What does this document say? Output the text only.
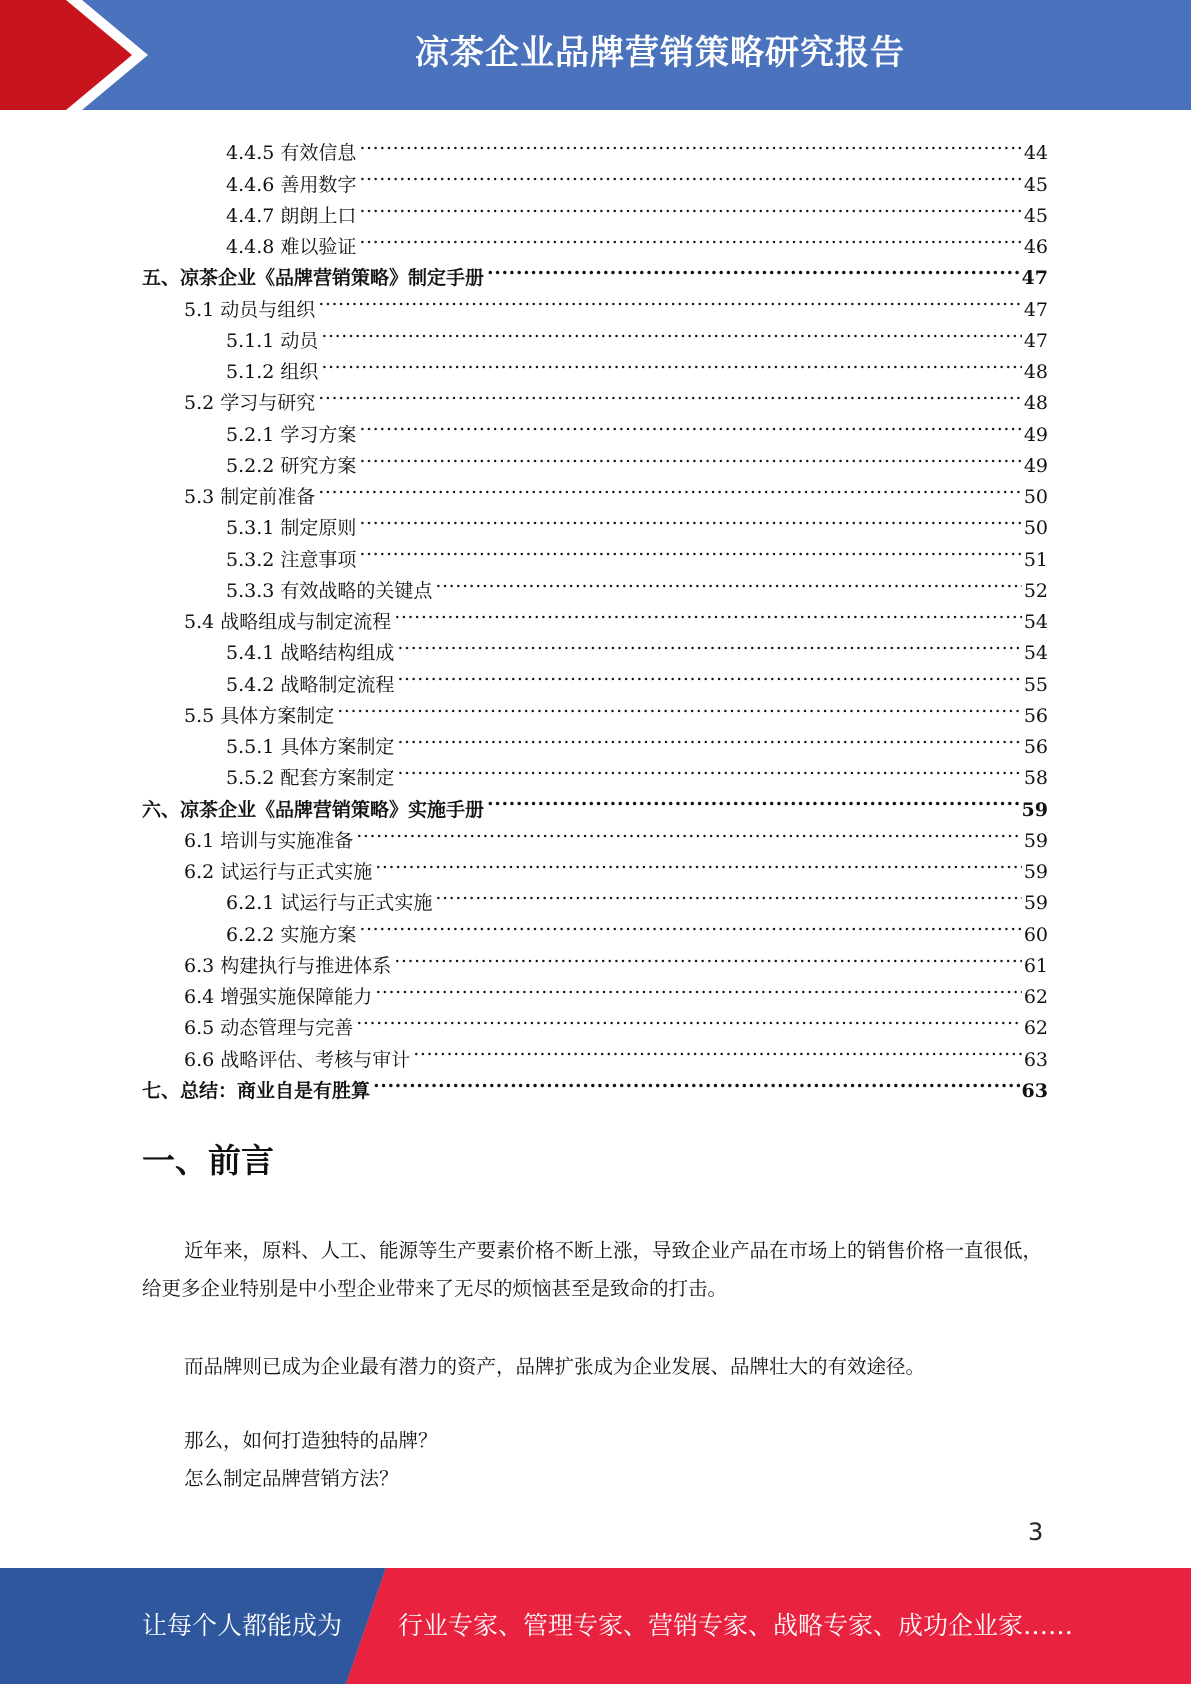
凉茶企业品牌营销策略研究报告
4.4.5 有效信息 .....	44
4.4.6 善用数字 .....	45
4.4.7 朗朗上口 .....	45
4.4.8 难以验证 .....	46
五、凉茶企业《品牌营销策略》制定手册 .....	47
5.1 动员与组织 .....	47
5.1.1 动员 .....	47
5.1.2 组织 .....	48
5.2 学习与研究 .....	48
5.2.1 学习方案 .....	49
5.2.2 研究方案 .....	49
5.3 制定前准备 .....	50
5.3.1 制定原则 .....	50
5.3.2 注意事项 .....	51
5.3.3 有效战略的关键点 .....	52
5.4 战略组成与制定流程 .....	54
5.4.1 战略结构组成 .....	54
5.4.2 战略制定流程 .....	55
5.5 具体方案制定 .....	56
5.5.1 具体方案制定 .....	56
5.5.2 配套方案制定 .....	58
六、凉茶企业《品牌营销策略》实施手册 .....	59
6.1 培训与实施准备 .....	59
6.2 试运行与正式实施 .....	59
6.2.1 试运行与正式实施 .....	59
6.2.2 实施方案 .....	60
6.3 构建执行与推进体系 .....	61
6.4 增强实施保障能力 .....	62
6.5 动态管理与完善 .....	62
6.6 战略评估、考核与审计 .....	63
七、总结：商业自是有胜算 .....	63
一、前言
近年来，原料、人工、能源等生产要素价格不断上涨，导致企业产品在市场上的销售价格一直很低，给更多企业特别是中小型企业带来了无尽的烦恼甚至是致命的打击。
而品牌则已成为企业最有潜力的资产，品牌扩张成为企业发展、品牌壮大的有效途径。
那么，如何打造独特的品牌？
怎么制定品牌营销方法？
3
让每个人都能成为 行业专家、管理专家、营销专家、战略专家、成功企业家……
